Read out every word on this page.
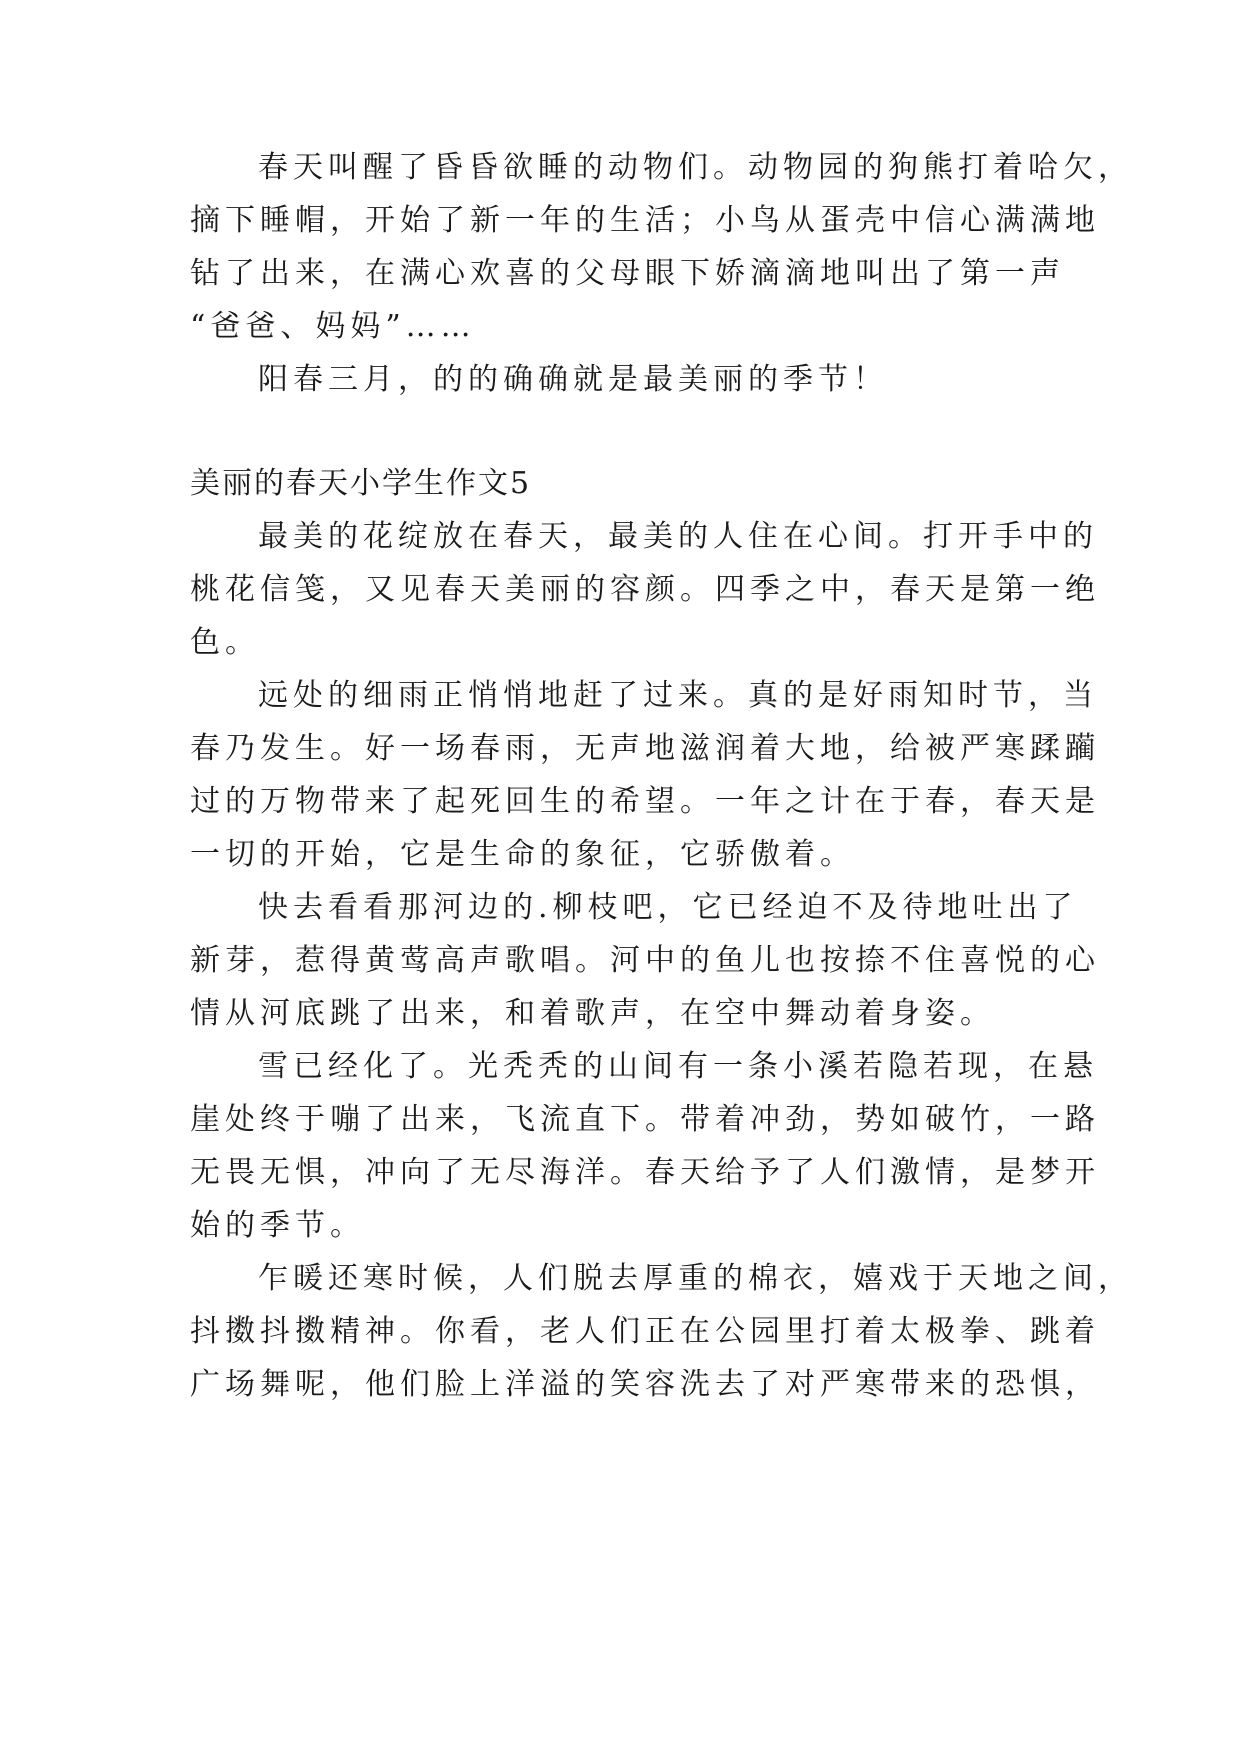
春天叫醒了昏昏欲睡的动物们。动物园的狗熊打着哈欠，
摘下睡帽，开始了新一年的生活；小鸟从蛋壳中信心满满地
钻了出来，在满心欢喜的父母眼下娇滴滴地叫出了第一声
“爸爸、妈妈”……
阳春三月，的的确确就是最美丽的季节！
美丽的春天小学生作文5
最美的花绽放在春天，最美的人住在心间。打开手中的
桃花信笺，又见春天美丽的容颜。四季之中，春天是第一绝
色。
远处的细雨正悄悄地赶了过来。真的是好雨知时节，当
春乃发生。好一场春雨，无声地滋润着大地，给被严寒蹂躏
过的万物带来了起死回生的希望。一年之计在于春，春天是
一切的开始，它是生命的象征，它骄傲着。
快去看看那河边的.柳枝吧，它已经迫不及待地吐出了
新芽，惹得黄莺高声歌唱。河中的鱼儿也按捺不住喜悦的心
情从河底跳了出来，和着歌声，在空中舞动着身姿。
雪已经化了。光秃秃的山间有一条小溪若隐若现，在悬
崖处终于嘣了出来，飞流直下。带着冲劲，势如破竹，一路
无畏无惧，冲向了无尽海洋。春天给予了人们激情，是梦开
始的季节。
乍暖还寒时候，人们脱去厚重的棉衣，嬉戏于天地之间，
抖擞抖擞精神。你看，老人们正在公园里打着太极拳、跳着
广场舞呢，他们脸上洋溢的笑容洗去了对严寒带来的恐惧，
